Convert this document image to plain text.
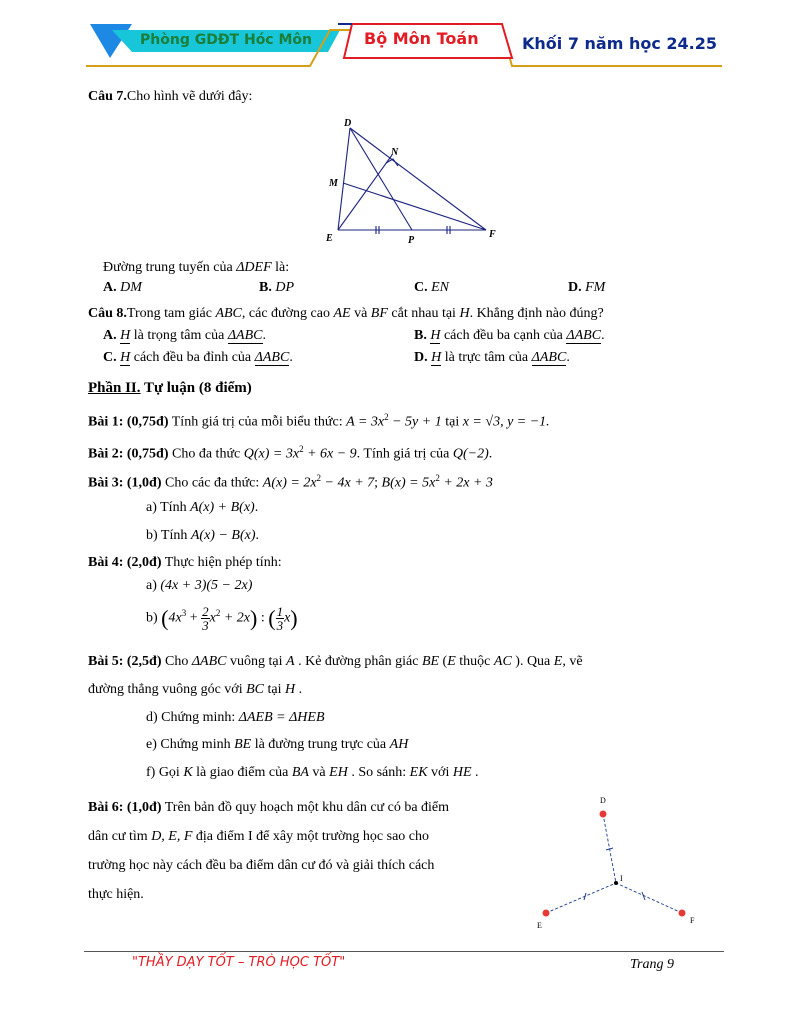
Phòng GDĐT Hóc Môn	Bộ Môn Toán	Khối 7 năm học 24.25
Câu 7.Cho hình vẽ dưới đây:
D
N
M
E	P
F
Đường trung tuyến của ΔDEF là:
A. DM	B. DP	C. EN	D. FM
Câu 8.Trong tam giác ABC, các đường cao AE và BF cắt nhau tại H. Khẳng định nào đúng?
A. H là trọng tâm của ΔABC.	B. H cách đều ba cạnh của ΔABC.
C. H cách đều ba đỉnh của ΔABC.	D. H là trực tâm của ΔABC.
Phần II. Tự luận (8 điểm)
Bài 1: (0,75đ) Tính giá trị của mỗi biểu thức: $A = 3x^2 - 5y + 1$ tại x = √3, y = −1.
Bài 2: (0,75đ) Cho đa thức $Q(x) = 3x^2 + 6x - 9$. Tính giá trị của Q(−2).
Bài 3: (1,0đ) Cho các đa thức: $A(x) = 2x^2 - 4x + 7$; $B(x) = 5x^2 + 2x + 3$
a) Tính A(x) + B(x).
b) Tính A(x) − B(x).
Bài 4: (2,0đ) Thực hiện phép tính:
a) (4x + 3)(5 − 2x)
b) $(4x^3 + \frac{2}{3} x^2 + 2x)$ : ( $\frac{1}{3} x$)
Bài 5: (2,5đ) Cho ΔABC vuông tại A . Kẻ đường phân giác BE (E thuộc AC ). Qua E, vẽ
đường thẳng vuông góc với BC tại H .
d) Chứng minh: ΔAEB = ΔHEB
e) Chứng minh BE là đường trung trực của AH
f) Gọi K là giao điểm của BA và EH . So sánh: EK với HE .
Bài 6: (1,0đ) Trên bản đồ quy hoạch một khu dân cư có ba điểm
dân cư tìm D, E, F địa điểm I để xây một trường học sao cho
trường học này cách đều ba điểm dân cư đó và giải thích cách
thực hiện.
D
I
E
F
"THẦY DẠY TỐT – TRÒ HỌC TỐT"	Trang 9
